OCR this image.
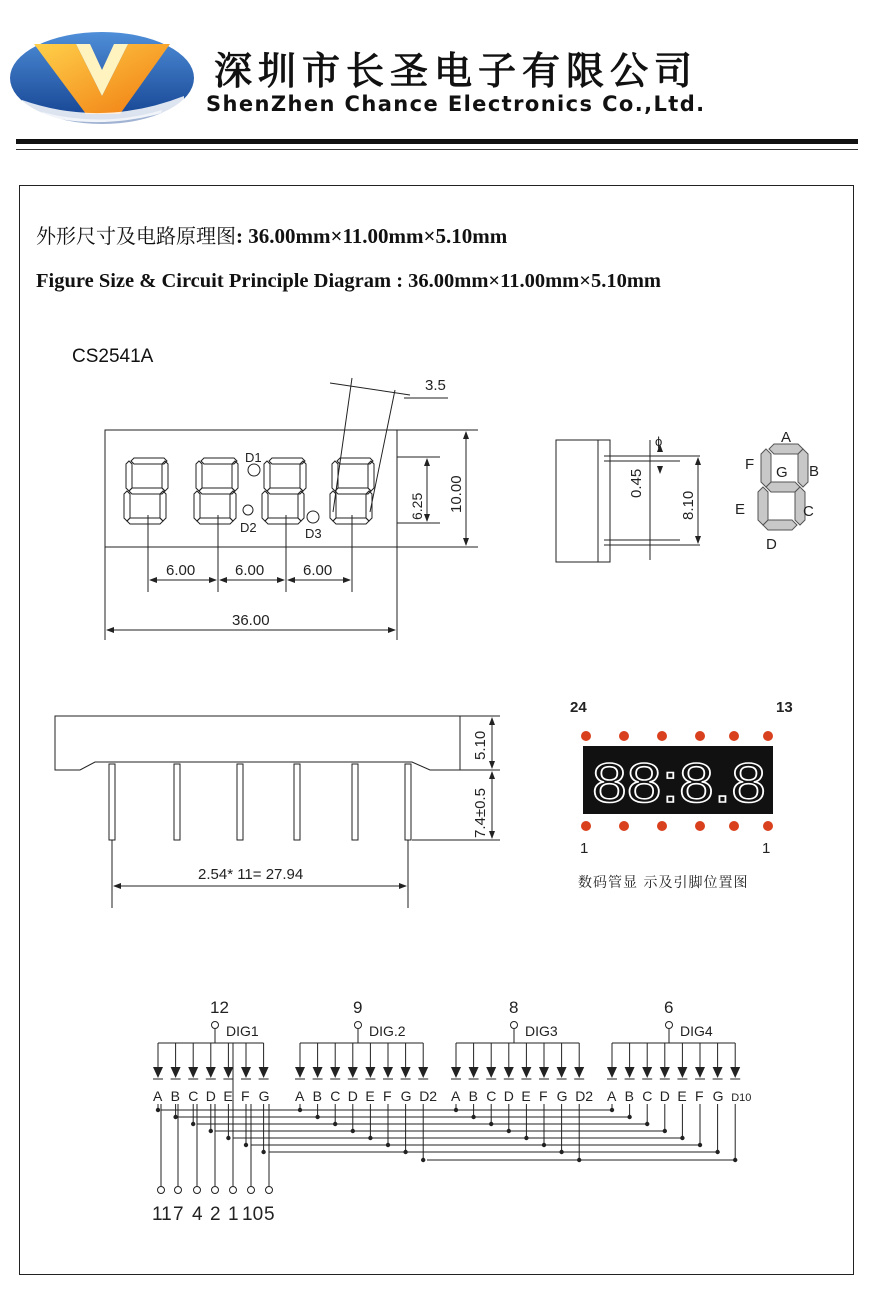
深圳市长圣电子有限公司
ShenZhen Chance Electronics Co.,Ltd.
外形尺寸及电路原理图: 36.00mm×11.00mm×5.10mm
Figure Size & Circuit Principle Diagram : 36.00mm×11.00mm×5.10mm
CS2541A
D1
D2	D3
3.5
6.00	6.00	6.00
36.00
6.25 10.00
ϕ
0.45
8.10
A
B
C
D
E
F G
5.10
7.4±0.5
2.54* 11= 27.94
24	13
88:8.8
1	1
12
DIG1
A B C D E F G
9
DIG.2
A B C D E F G D2
8
DIG3
A B C D E F G D2
6
DIG4
A B C D E F G D10
11 7 4 2 1 10 5
数码管显 示及引脚位置图
